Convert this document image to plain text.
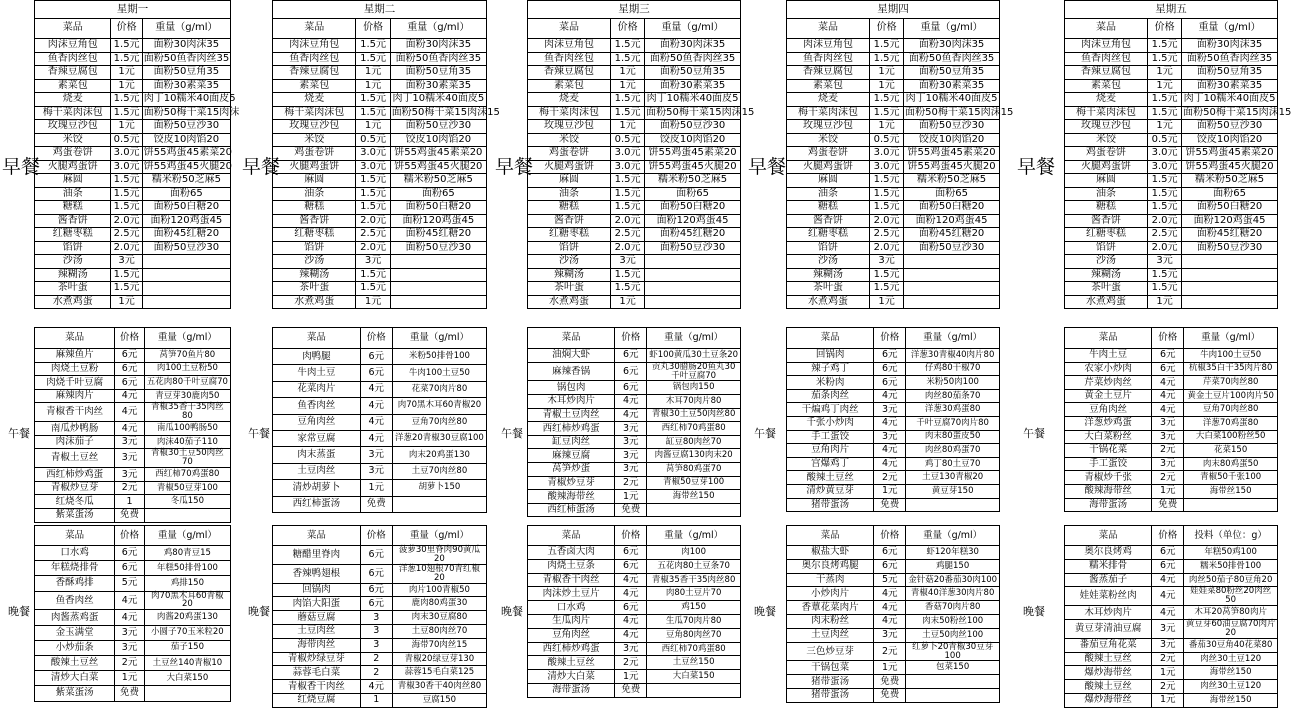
早餐
星期一		
菜品	价格	重量（g/ml）
肉沫豆角包	1.5元	面粉30肉沫35
鱼香肉丝包	1.5元	面粉50鱼香肉丝35
香辣豆腐包	1元	面粉50豆角35
素菜包	1元	面粉30素菜35
烧麦	1.5元	肉丁10糯米40面皮5
梅干菜肉沫包	1.5元	面粉50梅干菜15肉沫
玫瑰豆沙包	1元	面粉50豆沙30
米饺	0.5元	饺皮10肉馅20
鸡蛋卷饼	3.0元	饼55鸡蛋45素菜20
火腿鸡蛋饼	3.0元	饼55鸡蛋45火腿20
麻圆	1.5元	糯米粉50芝麻5
油条	1.5元	面粉65
糖糕	1.5元	面粉50白糖20
酱香饼	2.0元	面粉120鸡蛋45
红糖枣糕	2.5元	面粉45红糖20
馅饼	2.0元	面粉50豆沙30
沙汤	3元	
辣糊汤	1.5元	
茶叶蛋	1.5元	
水煮鸡蛋	1元	
早餐
星期二		
菜品	价格	重量（g/ml）
肉沫豆角包	1.5元	面粉30肉沫35
鱼香肉丝包	1.5元	面粉50鱼香肉丝35
香辣豆腐包	1元	面粉50豆角35
素菜包	1元	面粉30素菜35
烧麦	1.5元	肉丁10糯米40面皮5
梅干菜肉沫包	1.5元	面粉50梅干菜15肉沫15
玫瑰豆沙包	1元	面粉50豆沙30
米饺	0.5元	饺皮10肉馅20
鸡蛋卷饼	3.0元	饼55鸡蛋45素菜20
火腿鸡蛋饼	3.0元	饼55鸡蛋45火腿20
麻圆	1.5元	糯米粉50芝麻5
油条	1.5元	面粉65
糖糕	1.5元	面粉50白糖20
酱香饼	2.0元	面粉120鸡蛋45
红糖枣糕	2.5元	面粉45红糖20
馅饼	2.0元	面粉50豆沙30
沙汤	3元	
辣糊汤	1.5元	
茶叶蛋	1.5元	
水煮鸡蛋	1元	
早餐
星期三		
菜品	价格	重量（g/ml）
肉沫豆角包	1.5元	面粉30肉沫35
鱼香肉丝包	1.5元	面粉50鱼香肉丝35
香辣豆腐包	1元	面粉50豆角35
素菜包	1元	面粉30素菜35
烧麦	1.5元	肉丁10糯米40面皮5
梅干菜肉沫包	1.5元	面粉50梅干菜15肉沫15
玫瑰豆沙包	1元	面粉50豆沙30
米饺	0.5元	饺皮10肉馅20
鸡蛋卷饼	3.0元	饼55鸡蛋45素菜20
火腿鸡蛋饼	3.0元	饼55鸡蛋45火腿20
麻圆	1.5元	糯米粉50芝麻5
油条	1.5元	面粉65
糖糕	1.5元	面粉50白糖20
酱香饼	2.0元	面粉120鸡蛋45
红糖枣糕	2.5元	面粉45红糖20
馅饼	2.0元	面粉50豆沙30
沙汤	3元	
辣糊汤	1.5元	
茶叶蛋	1.5元	
水煮鸡蛋	1元	
早餐
星期四		
菜品	价格	重量（g/ml）
肉沫豆角包	1.5元	面粉30肉沫35
鱼香肉丝包	1.5元	面粉50鱼香肉丝35
香辣豆腐包	1元	面粉50豆角35
素菜包	1元	面粉30素菜35
烧麦	1.5元	肉丁10糯米40面皮5
梅干菜肉沫包	1.5元	面粉50梅干菜15肉沫15
玫瑰豆沙包	1元	面粉50豆沙30
米饺	0.5元	饺皮10肉馅20
鸡蛋卷饼	3.0元	饼55鸡蛋45素菜20
火腿鸡蛋饼	3.0元	饼55鸡蛋45火腿20
麻圆	1.5元	糯米粉50芝麻5
油条	1.5元	面粉65
糖糕	1.5元	面粉50白糖20
酱香饼	2.0元	面粉120鸡蛋45
红糖枣糕	2.5元	面粉45红糖20
馅饼	2.0元	面粉50豆沙30
沙汤	3元	
辣糊汤	1.5元	
茶叶蛋	1.5元	
水煮鸡蛋	1元	
早餐
星期五		
菜品	价格	重量（g/ml）
肉沫豆角包	1.5元	面粉30肉沫35
鱼香肉丝包	1.5元	面粉50鱼香肉丝35
香辣豆腐包	1元	面粉50豆角35
素菜包	1元	面粉30素菜35
烧麦	1.5元	肉丁10糯米40面皮5
梅干菜肉沫包	1.5元	面粉50梅干菜15肉沫15
玫瑰豆沙包	1元	面粉50豆沙30
米饺	0.5元	饺皮10肉馅20
鸡蛋卷饼	3.0元	饼55鸡蛋45素菜20
火腿鸡蛋饼	3.0元	饼55鸡蛋45火腿20
麻圆	1.5元	糯米粉50芝麻5
油条	1.5元	面粉65
糖糕	1.5元	面粉50白糖20
酱香饼	2.0元	面粉120鸡蛋45
红糖枣糕	2.5元	面粉45红糖20
馅饼	2.0元	面粉50豆沙30
沙汤	3元	
辣糊汤	1.5元	
茶叶蛋	1.5元	
水煮鸡蛋	1元	
午餐
菜品	价格	重量（g/ml）
麻辣鱼片	6元	莴笋70鱼片80
肉烧土豆粉	6元	肉100土豆粉50
肉烧千叶豆腐	6元	五花肉80千叶豆腐70
麻辣肉片	4元	青豆芽30鹿肉50
青椒香干肉丝	4元	青椒35香干35肉丝80
南瓜炒鸭肠	4元	南瓜100鸭肠50
肉沫茄子	3元	肉沫40茄子110
青椒土豆丝	3元	青椒30土豆50肉丝70
西红柿炒鸡蛋	3元	西红柿70鸡蛋80
青椒炒豆芽	2元	青椒50豆芽100
红烧冬瓜	1	冬瓜150
紫菜蛋汤	免费	
午餐
菜品	价格	重量（g/ml）
肉鸭腿	6元	米粉50排骨100
牛肉土豆	6元	牛肉100土豆50
花菜肉片	4元	花菜70肉片80
鱼香肉丝	4元	肉70黑木耳60青椒20
豆角肉丝	4元	豆角70肉丝80
家常豆腐	4元	洋葱20青椒30豆腐100
肉末蒸蛋	3元	肉末20鸡蛋130
土豆肉丝	3元	土豆70肉丝80
清炒胡萝卜	1元	胡萝卜150
西红柿蛋汤	免费	
午餐
菜品	价格	重量（g/ml）
油焖大虾	6元	虾100黄瓜30土豆条20
麻辣香锅	6元	贡丸30腊肠20鱼丸30千叶豆腐70
锅包肉	6元	锅包肉150
木耳炒肉片	4元	木耳70肉片80
青椒土豆肉丝	4元	青椒30土豆50肉丝80
西红柿炒鸡蛋	3元	西红柿70鸡蛋80
缸豆肉丝	3元	缸豆80肉丝70
麻辣豆腐	3元	肉酱豆腐130肉末20
莴笋炒蛋	3元	莴笋80鸡蛋70
青椒炒豆芽	2元	青椒50豆芽100
酸辣海带丝	1元	海带丝150
西红柿蛋汤	免费	
午餐
菜品	价格	重量（g/ml）
回锅肉	6元	洋葱30青椒40肉片80
辣子鸡丁	6元	仔鸡80干椒70
米粉肉	6元	米粉50肉100
茄条肉丝	4元	肉丝80茄条70
干煸鸡丁肉丝	3元	洋葱30鸡蛋80
千张小炒肉	4元	千叶豆腐70肉片80
手工蛋饺	3元	肉末80蛋皮50
豆角肉片	4元	肉丝80鸡蛋70
宫爆鸡丁	4元	鸡丁80土豆70
酸辣土豆丝	2元	土豆130青椒20
清炒黄豆芽	1元	黄豆芽150
猪带蛋汤	免费	
午餐
菜品	价格	重量（g/ml）
牛肉土豆	6元	牛肉100土豆50
农家小炒肉	6元	杭椒35白干35肉片80
芹菜炒肉丝	4元	芹菜70肉丝80
黄金土豆片	4元	黄金土豆片100肉片50
豆角肉丝	4元	豆角70肉丝80
洋葱炒鸡蛋	3元	洋葱70鸡蛋80
大白菜粉丝	3元	大白菜100粉丝50
干锅花菜	2元	花菜150
手工蛋饺	3元	肉末80鸡蛋50
青椒炒千张	2元	青椒50千张100
酸辣海带丝	1元	海带丝150
海带蛋汤	免费	
晚餐
菜品	价格	重量（g/ml）
口水鸡	6元	鸡80青豆15
年糕烧排骨	6元	年糕50排骨100
香酥鸡排	5元	鸡排150
鱼香肉丝	4元	肉70黑木耳60青椒20
肉酱蒸鸡蛋	4元	肉酱20鸡蛋130
金玉满堂	3元	小圆子70玉米粒20
小炒茄条	3元	茄子150
酸辣土豆丝	2元	土豆丝140青椒10
清炒大白菜	1元	大白菜150
紫菜蛋汤	免费	
晚餐
菜品	价格	重量（g/ml）
糖醋里脊肉	6元	菠萝30里脊肉90黄瓜20
香辣鸭翅根	6元	洋葱10翅根70青红椒20
回锅肉	6元	肉片100青椒50
肉馅大阳蛋	6元	鹿肉80鸡蛋30
蘑菇豆腐	3	肉末30豆腐80
土豆肉丝	3	土豆80肉丝70
海带肉丝	3	海带70肉丝15
青椒炒绿豆芽	2	青椒20绿豆芽130
蒜蓉毛白菜	2	蒜蓉15毛白菜125
青椒香干肉丝	4元	青椒30香干40肉丝80
红烧豆腐	1	豆腐150
晚餐
菜品	价格	重量（g/ml）
五香卤大肉	6元	肉100
肉烧土豆条	6元	五花肉80土豆条70
青椒香干肉丝	4元	青椒35香干35肉丝80
肉沫炒土豆片	4元	肉80土豆片70
口水鸡	6元	鸡150
生瓜肉片	4元	生瓜70肉片80
豆角肉丝	4元	豆角80肉丝70
西红柿炒鸡蛋	3元	西红柿70鸡蛋80
酸辣土豆丝	2元	土豆丝150
清炒大白菜	1元	大白菜150
海带蛋汤	免费	
晚餐
菜品	价格	重量（g/ml）
椒盐大虾	6元	虾120年糕30
奥尔良烤鸡腿	6元	鸡腿150
干蒸肉	5元	金针菇20番茄30肉100
小炒肉片	4元	青椒40洋葱30肉片80
香蕈花菜肉片	4元	香菇70肉片80
肉末粉丝	4元	肉末50粉丝100
土豆肉丝	3元	土豆50肉丝100
三色炒豆芽	2元	红萝卜20青椒30豆芽100
干锅包菜	1元	包菜150
猪带蛋汤	免费	
猪带蛋汤	免费	
晚餐
菜品	价格	投料（单位：g）
奥尔良烤鸡	6元	年糕50鸡100
糯米排骨	6元	糯米50排骨100
酱蒸茄子	4元	肉丝50茄子80豆角20
娃娃菜粉丝肉	4元	娃娃菜80粉丝20肉丝50
木耳炒肉片	4元	木耳20莴笋80肉片
黄豆芽清油豆腐	3元	黄豆芽60油豆腐70肉片20
番茄豆角花菜	3元	番茄30豆角40花菜80
酸辣土豆丝	2元	肉丝30土豆120
爆炒海带丝	1元	海带丝150
酸辣土豆丝	2元	肉丝30土豆120
爆炒海带丝	1元	海带丝150
